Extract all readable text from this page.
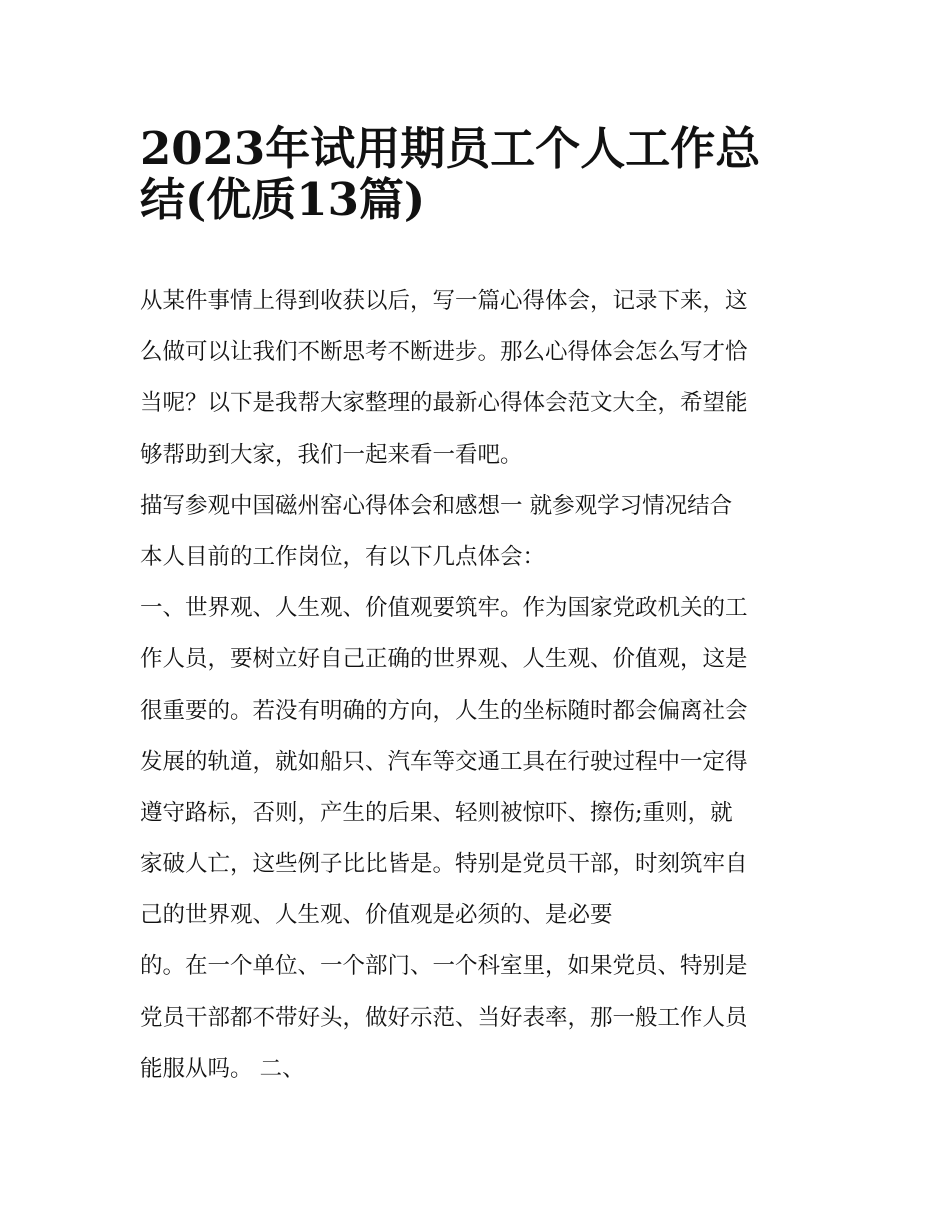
2023年试用期员工个人工作总
结(优质13篇)
从某件事情上得到收获以后，写一篇心得体会，记录下来，这
么做可以让我们不断思考不断进步。那么心得体会怎么写才恰
当呢？以下是我帮大家整理的最新心得体会范文大全，希望能
够帮助到大家，我们一起来看一看吧。
描写参观中国磁州窑心得体会和感想一 就参观学习情况结合
本人目前的工作岗位，有以下几点体会：
一、世界观、人生观、价值观要筑牢。作为国家党政机关的工
作人员，要树立好自己正确的世界观、人生观、价值观，这是
很重要的。若没有明确的方向，人生的坐标随时都会偏离社会
发展的轨道，就如船只、汽车等交通工具在行驶过程中一定得
遵守路标，否则，产生的后果、轻则被惊吓、擦伤;重则，就
家破人亡，这些例子比比皆是。特别是党员干部，时刻筑牢自
己的世界观、人生观、价值观是必须的、是必要
的。在一个单位、一个部门、一个科室里，如果党员、特别是
党员干部都不带好头，做好示范、当好表率，那一般工作人员
能服从吗。 二、
